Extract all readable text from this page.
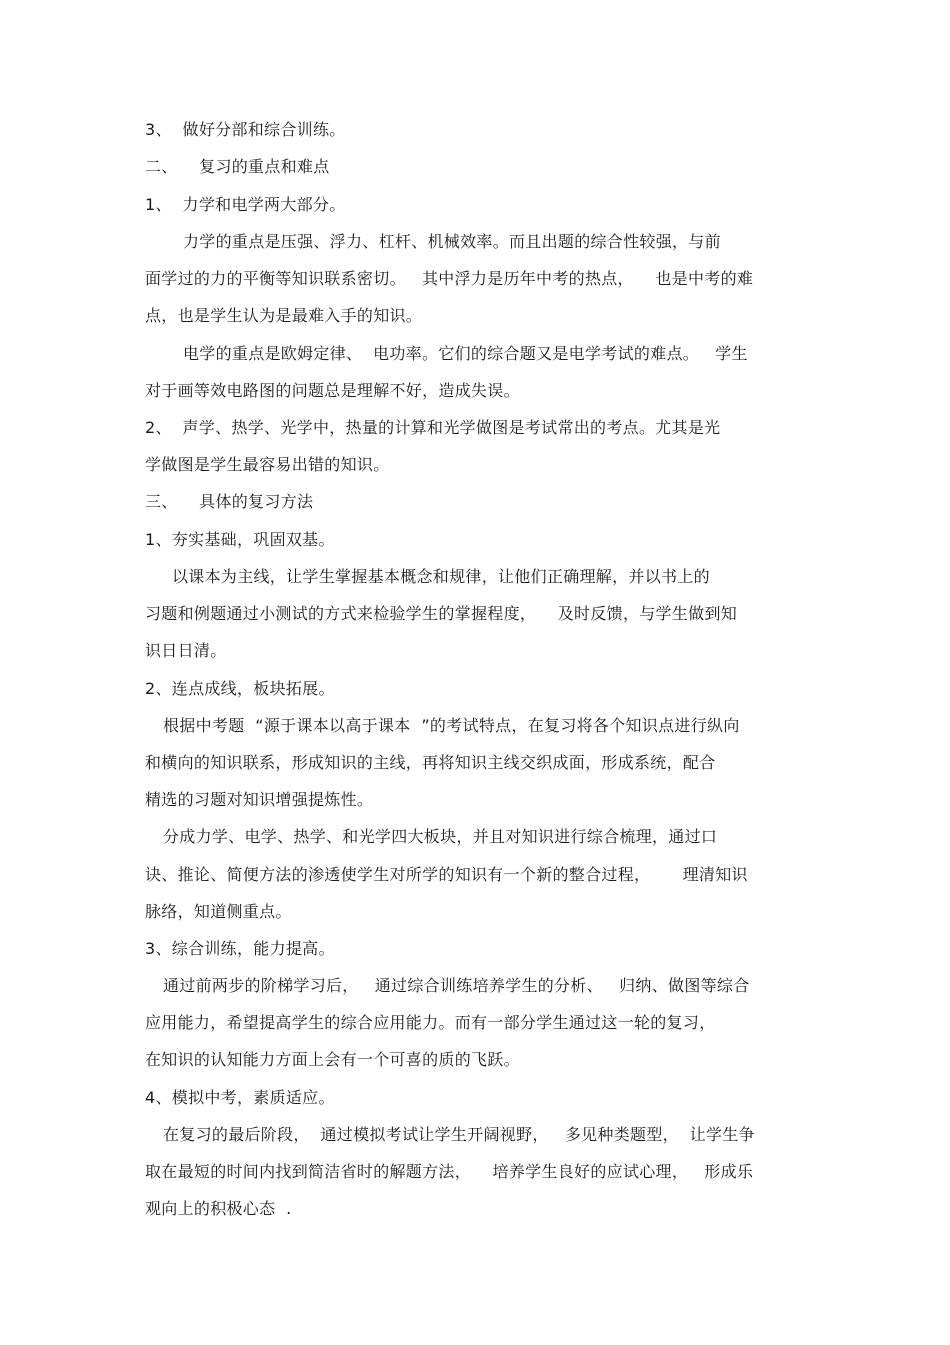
3、  做好分部和综合训练。
二、    复习的重点和难点
1、  力学和电学两大部分。
力学的重点是压强、浮力、杠杆、机械效率。而且出题的综合性较强，与前
面学过的力的平衡等知识联系密切。   其中浮力是历年中考的热点，    也是中考的难
点，也是学生认为是最难入手的知识。
电学的重点是欧姆定律、  电功率。它们的综合题又是电学考试的难点。   学生
对于画等效电路图的问题总是理解不好，造成失误。
2、  声学、热学、光学中，热量的计算和光学做图是考试常出的考点。尤其是光
学做图是学生最容易出错的知识。
三、    具体的复习方法
1、夯实基础，巩固双基。
以课本为主线，让学生掌握基本概念和规律，让他们正确理解，并以书上的
习题和例题通过小测试的方式来检验学生的掌握程度，    及时反馈，与学生做到知
识日日清。
2、连点成线，板块拓展。
根据中考题  “源于课本以高于课本  ”的考试特点，在复习将各个知识点进行纵向
和横向的知识联系，形成知识的主线，再将知识主线交织成面，形成系统，配合
精选的习题对知识增强提炼性。
分成力学、电学、热学、和光学四大板块，并且对知识进行综合梳理，通过口
诀、推论、简便方法的渗透使学生对所学的知识有一个新的整合过程，      理清知识
脉络，知道侧重点。
3、综合训练，能力提高。
通过前两步的阶梯学习后，   通过综合训练培养学生的分析、   归纳、做图等综合
应用能力，希望提高学生的综合应用能力。而有一部分学生通过这一轮的复习，
在知识的认知能力方面上会有一个可喜的质的飞跃。
4、模拟中考，素质适应。
在复习的最后阶段，  通过模拟考试让学生开阔视野，   多见种类题型，  让学生争
取在最短的时间内找到简洁省时的解题方法，    培养学生良好的应试心理，   形成乐
观向上的积极心态  .
